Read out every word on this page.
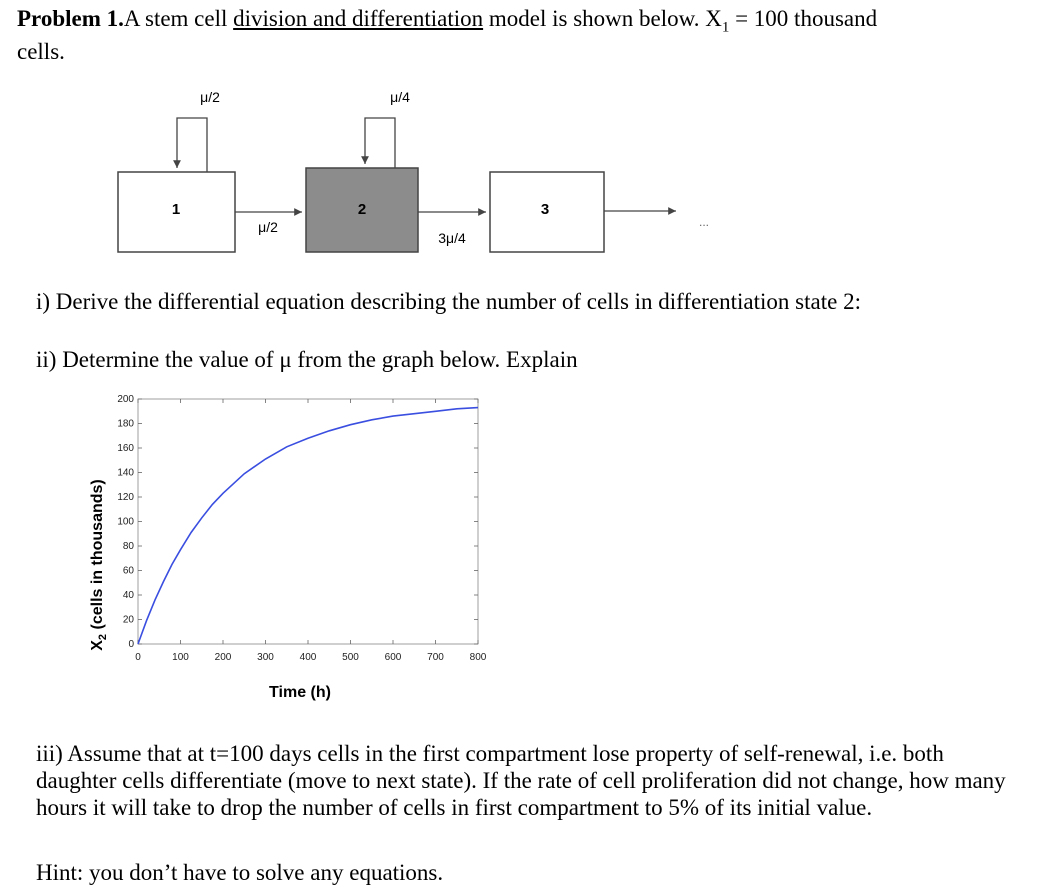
Problem 1.A stem cell division and differentiation model is shown below. $X_1 = 100$ thousand
cells.
1	2	3
μ/2	μ/4
μ/2
3μ/4
...
i) Derive the differential equation describing the number of cells in differentiation state 2:
ii) Determine the value of μ from the graph below. Explain
0	100	200	300	400	500	600	700	800
0
20
40
60
80
100
120
140
160
180
200
Time (h)
$X_2$ (cells in thousands)
iii) Assume that at t=100 days cells in the first compartment lose property of self-renewal, i.e. both daughter cells differentiate (move to next state). If the rate of cell proliferation did not change, how many hours it will take to drop the number of cells in first compartment to 5% of its initial value.
Hint: you don’t have to solve any equations.
